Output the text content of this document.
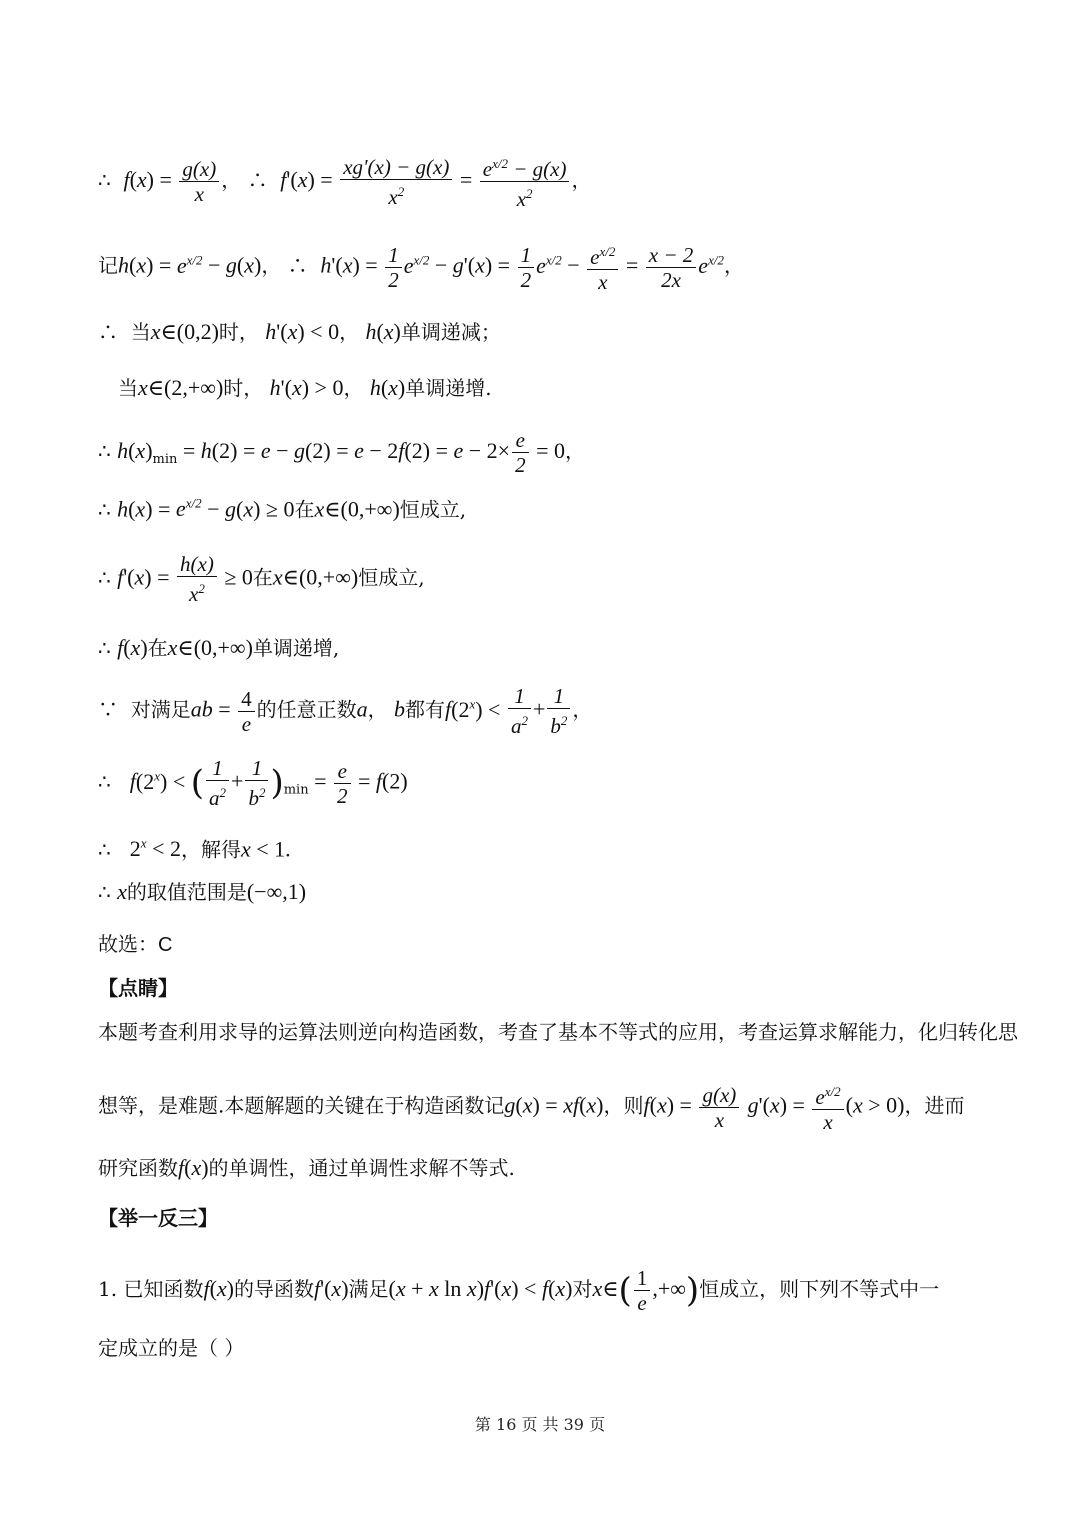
∴  $f(x) = \frac{g(x)}{x}$ ， ∴  $f'(x) = \frac{xg'(x) - g(x)}{x^2} = \frac{e^{x/2} - g(x)}{x^2}$ ，
记$h(x) = e^{x/2} - g(x)$， ∴  $h'(x) = \frac{1}{2} e^{x/2} - g'(x) = \frac{1}{2} e^{x/2} - \frac{e^{x/2}}{x} = \frac{x - 2}{2x} e^{x/2}$，
∴  当x∈(0,2)时， h'(x) < 0， h(x)单调递减；
当x∈(2,+∞)时， h'(x) > 0， h(x)单调递增.
∴ $h(x)_{min} = h(2) = e - g(2) = e - 2f(2) = e - 2\times \frac{e}{2} = 0$，
∴ $h(x) = e^{x/2} - g(x) \ge 0$在x∈(0,+∞)恒成立,
∴ $f'(x) = \frac{h(x)}{x^2} \ge 0$在x∈(0,+∞)恒成立,
∴ f(x)在x∈(0,+∞)单调递增,
∵  对满足ab = $\frac{4}{e}$ 的任意正数a， b都有$f(2^x) < \frac{1}{a^2} + \frac{1}{b^2}$ ，
∴   $f(2^x)$ < ( $\frac{1}{a^2} + \frac{1}{b^2} )_{min} = \frac{e}{2} = f(2)$
∴   $2^x < 2$，解得x < 1.
∴ x的取值范围是(−∞,1)
故选：C
【点睛】
本题考查利用求导的运算法则逆向构造函数，考查了基本不等式的应用，考查运算求解能力，化归转化思
想等，是难题.本题解题的关键在于构造函数记g(x) = xf(x)，则$f(x) = \frac{g(x)}{x} g'(x) = \frac{e^{x/2}}{x} (x > 0)$，进而
研究函数f(x)的单调性，通过单调性求解不等式.
【举一反三】
1. 已知函数f(x)的导函数f'(x)满足(x + x ln x)f'(x) < f(x)对x∈( $\frac{1}{e}$ ,+∞)恒成立，则下列不等式中一
定成立的是（ ）
第 16 页 共 39 页
